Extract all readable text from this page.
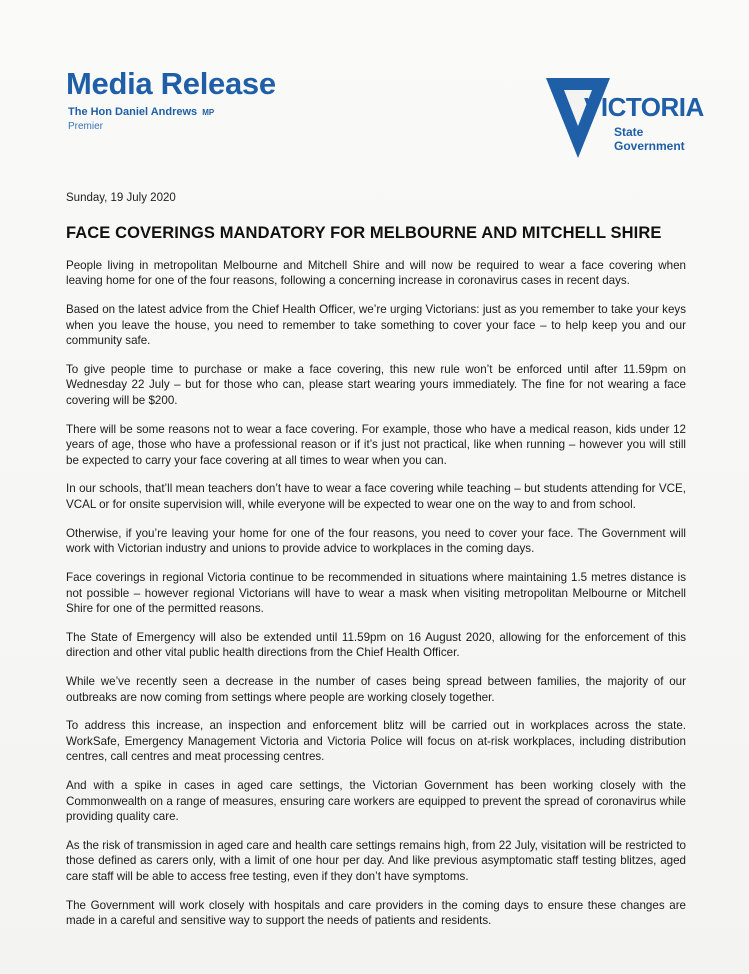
Media Release
The Hon Daniel Andrews MP
Premier
VICTORIA
State
Government
Sunday, 19 July 2020
FACE COVERINGS MANDATORY FOR MELBOURNE AND MITCHELL SHIRE

People living in metropolitan Melbourne and Mitchell Shire and will now be required to wear a face covering when leaving home for one of the four reasons, following a concerning increase in coronavirus cases in recent days.

Based on the latest advice from the Chief Health Officer, we’re urging Victorians: just as you remember to take your keys when you leave the house, you need to remember to take something to cover your face – to help keep you and our community safe.

To give people time to purchase or make a face covering, this new rule won’t be enforced until after 11.59pm on Wednesday 22 July – but for those who can, please start wearing yours immediately. The fine for not wearing a face covering will be $200.

There will be some reasons not to wear a face covering. For example, those who have a medical reason, kids under 12 years of age, those who have a professional reason or if it’s just not practical, like when running – however you will still be expected to carry your face covering at all times to wear when you can.

In our schools, that’ll mean teachers don’t have to wear a face covering while teaching – but students attending for VCE, VCAL or for onsite supervision will, while everyone will be expected to wear one on the way to and from school.

Otherwise, if you’re leaving your home for one of the four reasons, you need to cover your face. The Government will work with Victorian industry and unions to provide advice to workplaces in the coming days.

Face coverings in regional Victoria continue to be recommended in situations where maintaining 1.5 metres distance is not possible – however regional Victorians will have to wear a mask when visiting metropolitan Melbourne or Mitchell Shire for one of the permitted reasons.

The State of Emergency will also be extended until 11.59pm on 16 August 2020, allowing for the enforcement of this direction and other vital public health directions from the Chief Health Officer.

While we’ve recently seen a decrease in the number of cases being spread between families, the majority of our outbreaks are now coming from settings where people are working closely together.

To address this increase, an inspection and enforcement blitz will be carried out in workplaces across the state. WorkSafe, Emergency Management Victoria and Victoria Police will focus on at-risk workplaces, including distribution centres, call centres and meat processing centres.

And with a spike in cases in aged care settings, the Victorian Government has been working closely with the Commonwealth on a range of measures, ensuring care workers are equipped to prevent the spread of coronavirus while providing quality care.

As the risk of transmission in aged care and health care settings remains high, from 22 July, visitation will be restricted to those defined as carers only, with a limit of one hour per day. And like previous asymptomatic staff testing blitzes, aged care staff will be able to access free testing, even if they don’t have symptoms.

The Government will work closely with hospitals and care providers in the coming days to ensure these changes are made in a careful and sensitive way to support the needs of patients and residents.
